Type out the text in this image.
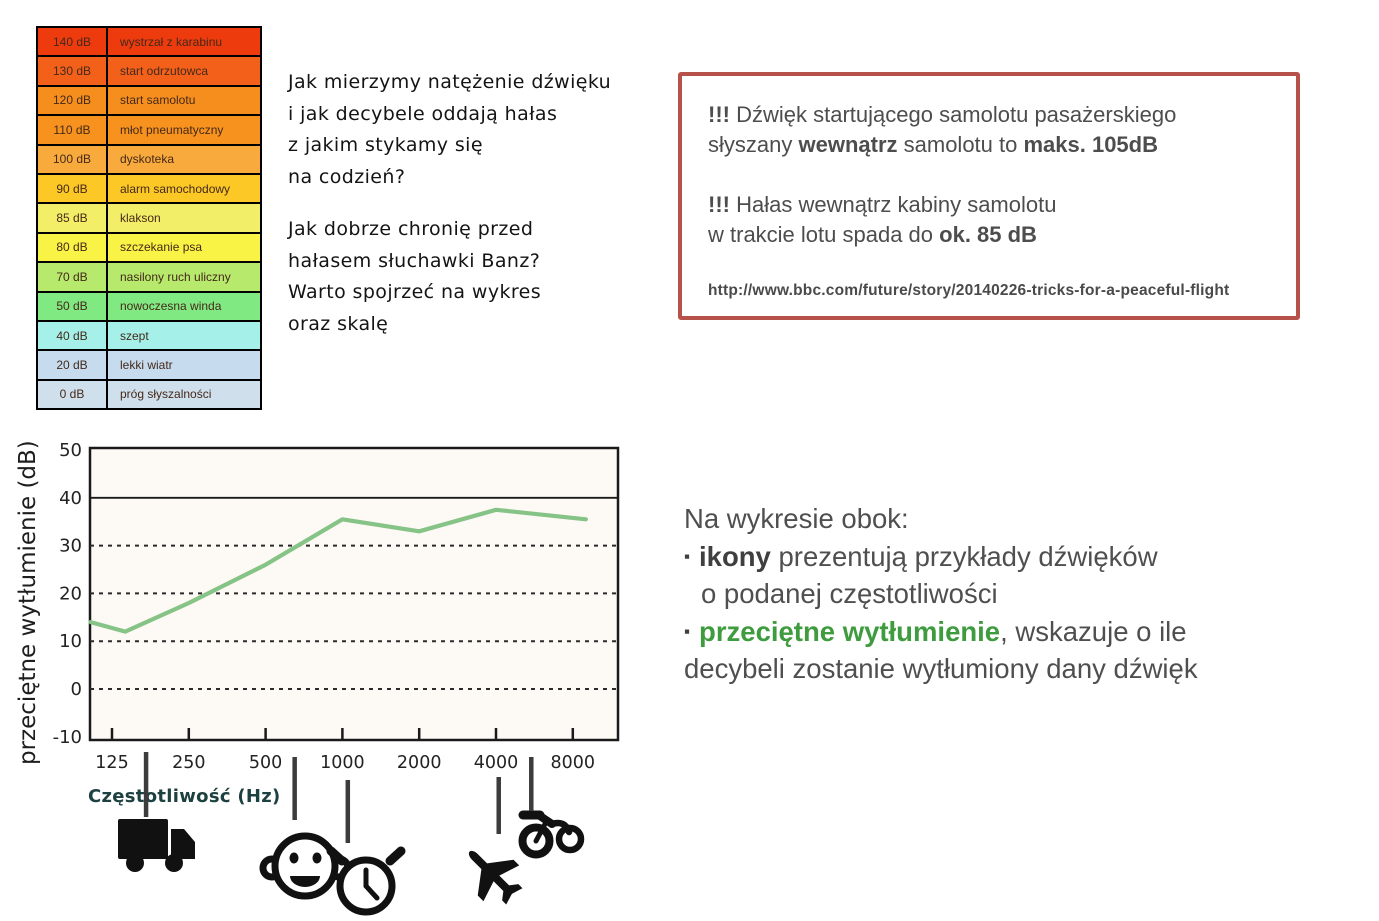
140 dB	wystrzał z karabinu
130 dB	start odrzutowca
120 dB	start samolotu
110 dB	młot pneumatyczny
100 dB	dyskoteka
90 dB	alarm samochodowy
85 dB	klakson
80 dB	szczekanie psa
70 dB	nasilony ruch uliczny
50 dB	nowoczesna winda
40 dB	szept
20 dB	lekki wiatr
0 dB	próg słyszalności
Jak mierzymy natężenie dźwięku
i jak decybele oddają hałas
z jakim stykamy się
na codzień?
Jak dobrze chronię przed
hałasem słuchawki Banz?
Warto spojrzeć na wykres
oraz skalę
!!! Dźwięk startującego samolotu pasażerskiego
słyszany wewnątrz samolotu to maks. 105dB
!!! Hałas wewnątrz kabiny samolotu
w trakcie lotu spada do ok. 85 dB
http://www.bbc.com/future/story/20140226-tricks-for-a-peaceful-flight
przeciętne wytłumienie (dB)
Częstotliwość (Hz)
50
40
30
20
10
0
-10
125 250 500 1000 2000 4000 8000
Na wykresie obok:
▪ ikony prezentują przykłady dźwięków
o podanej częstotliwości
▪ przeciętne wytłumienie, wskazuje o ile
decybeli zostanie wytłumiony dany dźwięk
